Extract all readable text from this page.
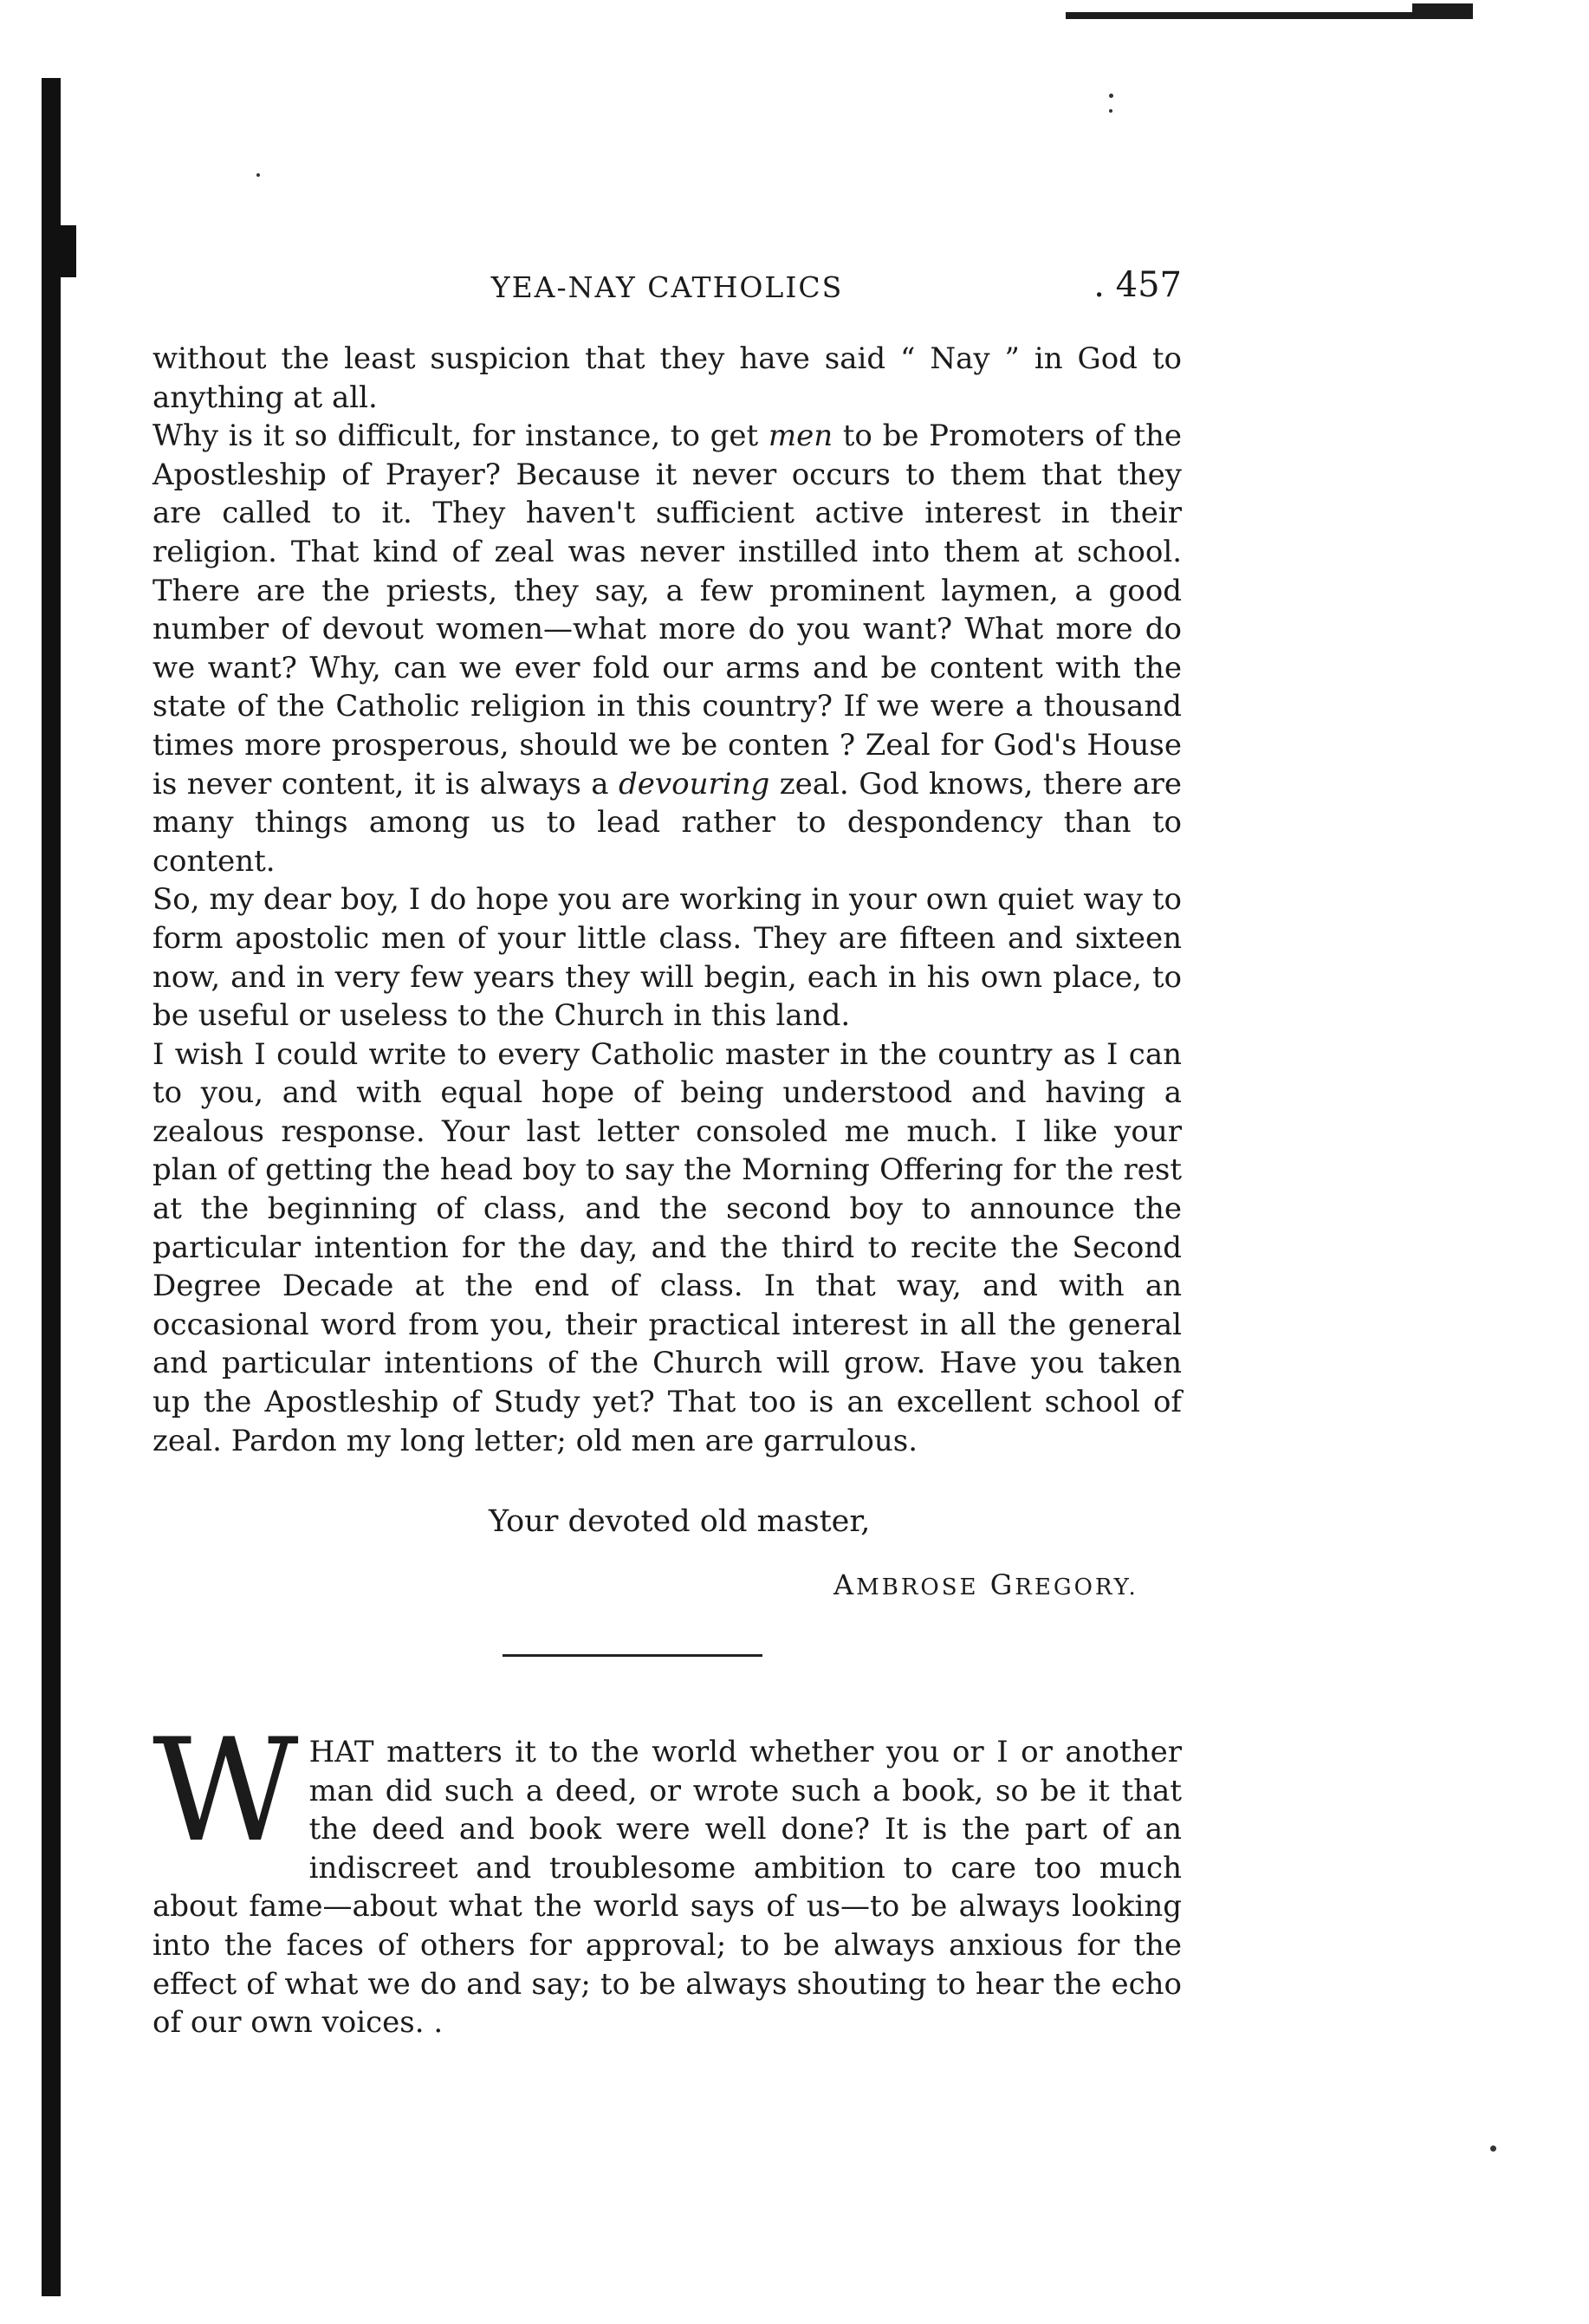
YEA-NAY CATHOLICS	. 457

without the least suspicion that they have said “ Nay ” in God to anything at all.

Why is it so difficult, for instance, to get men to be Promoters of the Apostleship of Prayer? Because it never occurs to them that they are called to it. They haven't sufficient active interest in their religion. That kind of zeal was never instilled into them at school. There are the priests, they say, a few prominent laymen, a good number of devout women—what more do you want? What more do we want? Why, can we ever fold our arms and be content with the state of the Catholic religion in this country? If we were a thousand times more prosperous, should we be conten ? Zeal for God's House is never content, it is always a devouring zeal. God knows, there are many things among us to lead rather to despondency than to content.

So, my dear boy, I do hope you are working in your own quiet way to form apostolic men of your little class. They are fifteen and sixteen now, and in very few years they will begin, each in his own place, to be useful or useless to the Church in this land.

I wish I could write to every Catholic master in the country as I can to you, and with equal hope of being understood and having a zealous response. Your last letter consoled me much. I like your plan of getting the head boy to say the Morning Offering for the rest at the beginning of class, and the second boy to announce the particular intention for the day, and the third to recite the Second Degree Decade at the end of class. In that way, and with an occasional word from you, their practical interest in all the general and particular intentions of the Church will grow. Have you taken up the Apostleship of Study yet? That too is an excellent school of zeal. Pardon my long letter; old men are garrulous.

Your devoted old master,
AMBROSE GREGORY.
W HAT matters it to the world whether you or I or another man did such a deed, or wrote such a book, so be it that the deed and book were well done? It is the part of an indiscreet and troublesome ambition to care too much about fame—about what the world says of us—to be always looking into the faces of others for approval; to be always anxious for the effect of what we do and say; to be always shouting to hear the echo of our own voices. .
